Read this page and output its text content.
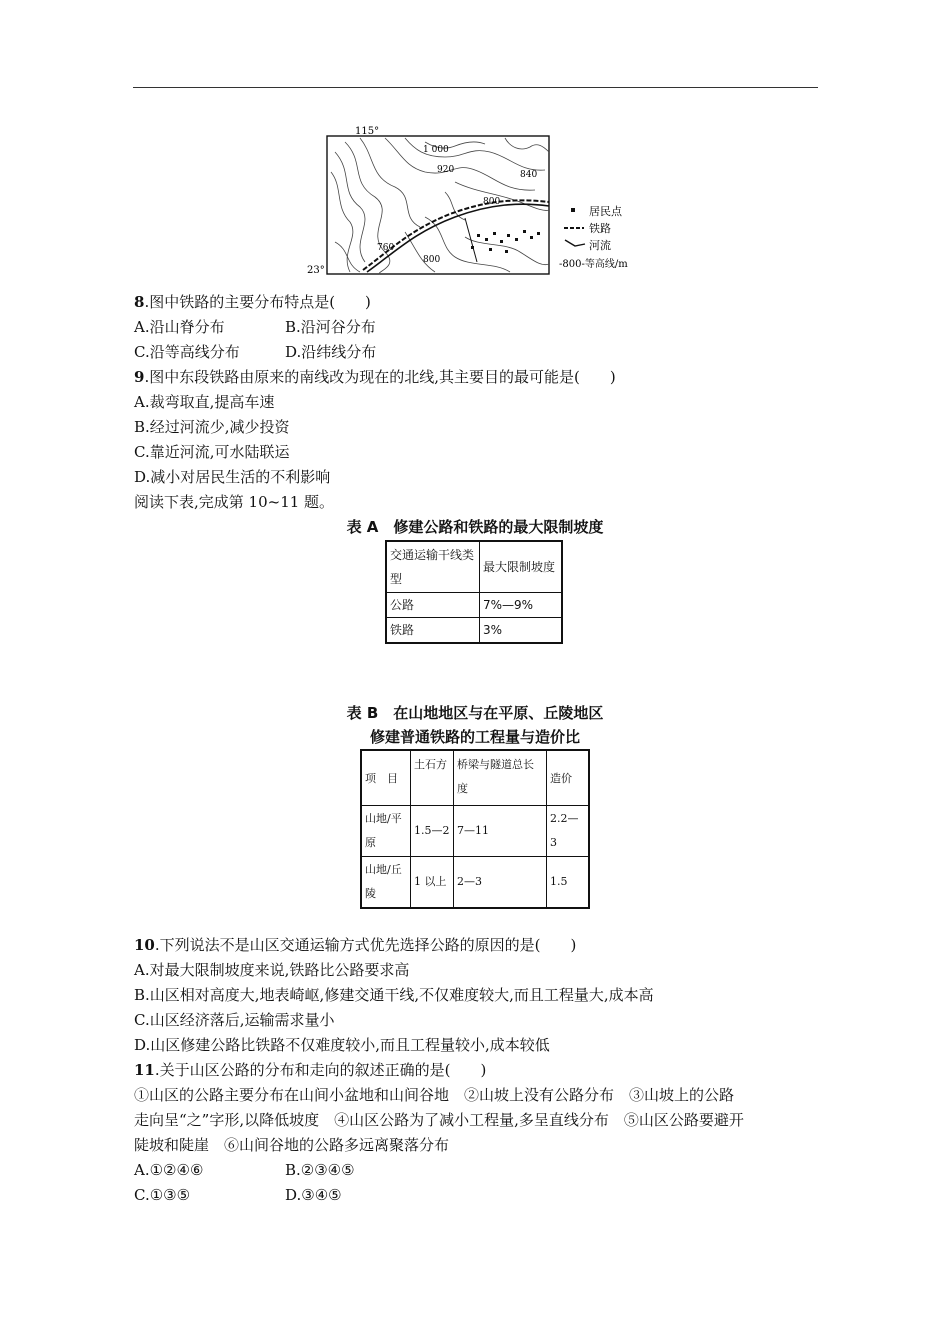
115°
23°
1 000
920	840
800
760
800
居民点
铁路
河流
-800-等高线/m
8.图中铁路的主要分布特点是(　　)
A.沿山脊分布	B.沿河谷分布
C.沿等高线分布	D.沿纬线分布
9.图中东段铁路由原来的南线改为现在的北线,其主要目的最可能是(　　)
A.裁弯取直,提高车速
B.经过河流少,减少投资
C.靠近河流,可水陆联运
D.减小对居民生活的不利影响
阅读下表,完成第 10~11 题。
表 A　修建公路和铁路的最大限制坡度
交通运输干线类型	最大限制坡度
公路	7%—9%
铁路	3%
表 B　在山地地区与在平原、丘陵地区
修建普通铁路的工程量与造价比
项　目	土石方	桥梁与隧道总长度	造价
山地/平原	1.5—2	7—11	2.2—3
山地/丘陵	1 以上	2—3	1.5
10.下列说法不是山区交通运输方式优先选择公路的原因的是(　　)
A.对最大限制坡度来说,铁路比公路要求高
B.山区相对高度大,地表崎岖,修建交通干线,不仅难度较大,而且工程量大,成本高
C.山区经济落后,运输需求量小
D.山区修建公路比铁路不仅难度较小,而且工程量较小,成本较低
11.关于山区公路的分布和走向的叙述正确的是(　　)
①山区的公路主要分布在山间小盆地和山间谷地　②山坡上没有公路分布　③山坡上的公路
走向呈“之”字形,以降低坡度　④山区公路为了减小工程量,多呈直线分布　⑤山区公路要避开
陡坡和陡崖　⑥山间谷地的公路多远离聚落分布
A.①②④⑥	B.②③④⑤
C.①③⑤	D.③④⑤
